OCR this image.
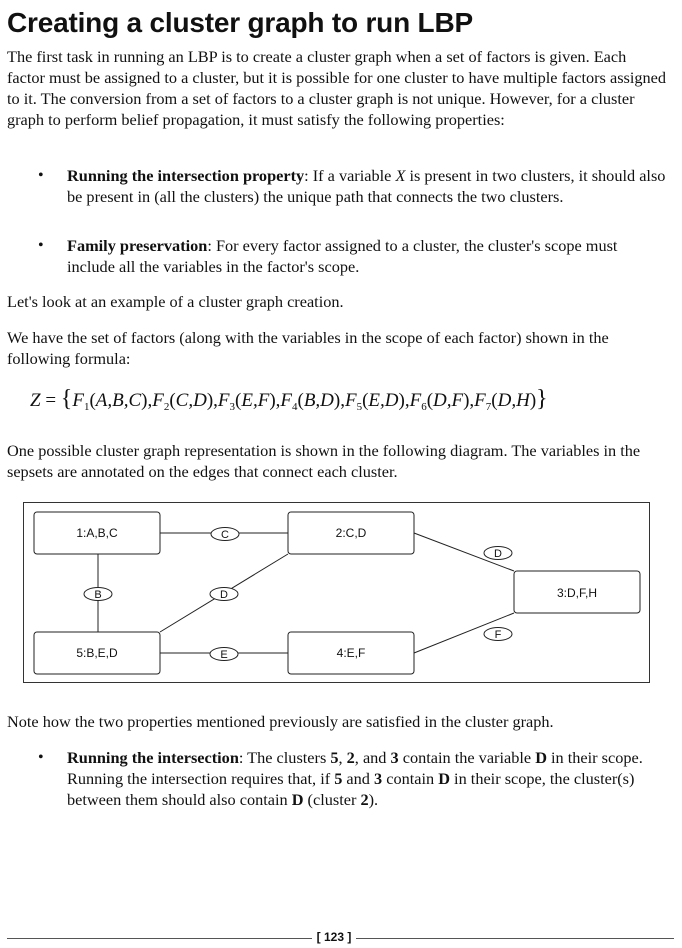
Creating a cluster graph to run LBP

The first task in running an LBP is to create a cluster graph when a set of factors is given. Each factor must be assigned to a cluster, but it is possible for one cluster to have multiple factors assigned to it. The conversion from a set of factors to a cluster graph is not unique. However, for a cluster graph to perform belief propagation, it must satisfy the following properties:

• Running the intersection property: If a variable X is present in two clusters, it should also be present in (all the clusters) the unique path that connects the two clusters.
• Family preservation: For every factor assigned to a cluster, the cluster's scope must include all the variables in the factor's scope.

Let's look at an example of a cluster graph creation.

We have the set of factors (along with the variables in the scope of each factor) shown in the following formula:

$Z = \{F_1(A,B,C),F_2(C,D),F_3(E,F),F_4(B,D),F_5(E,D),F_6(D,F),F_7(D,H)\}$

One possible cluster graph representation is shown in the following diagram. The variables in the sepsets are annotated on the edges that connect each cluster.

1:A,B,C	2:C,D
3:D,F,H
4:E,F
5:B,E,D
C
D
B	D
E
F

Note how the two properties mentioned previously are satisfied in the cluster graph.

• Running the intersection: The clusters 5, 2, and 3 contain the variable D in their scope. Running the intersection requires that, if 5 and 3 contain D in their scope, the cluster(s) between them should also contain D (cluster 2).
[ 123 ]
